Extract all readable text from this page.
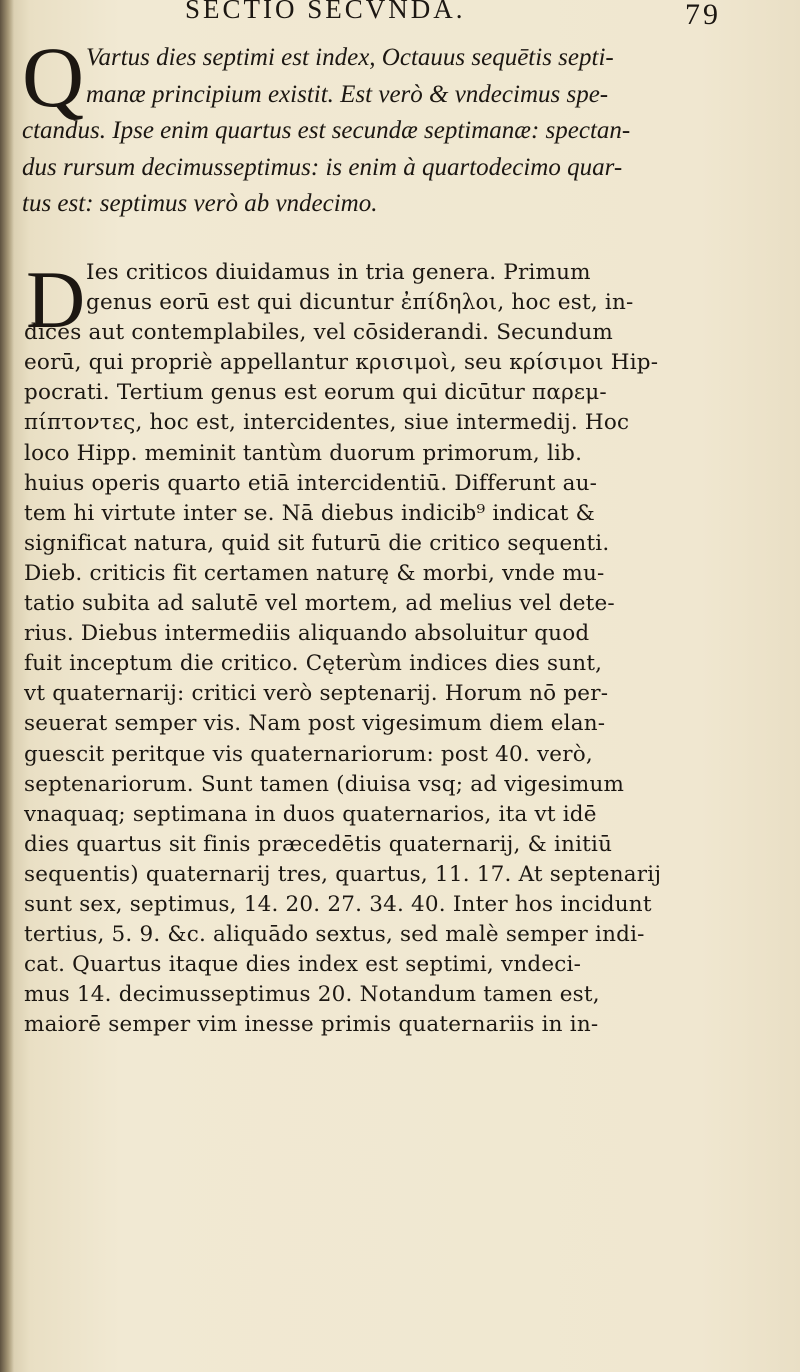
SECTIO SECVNDA.	79
Q Vartus dies septimi est index, Octauus sequētis septi-
manæ principium existit. Est verò & vndecimus spe-
ctandus. Ipse enim quartus est secundæ septimanæ: spectan-
dus rursum decimusseptimus: is enim à quartodecimo quar-
tus est: septimus verò ab vndecimo.
D Ies criticos diuidamus in tria genera. Primum
genus eorū est qui dicuntur ἐπίδηλοι, hoc est, in-
dices aut contemplabiles, vel cōsiderandi. Secundum
eorū, qui propriè appellantur κρισιμοὶ, seu κρίσιμοι Hip-
pocrati. Tertium genus est eorum qui dicūtur παρεμ-
πίπτοντες, hoc est, intercidentes, siue intermedij. Hoc
loco Hipp. meminit tantùm duorum primorum, lib.
huius operis quarto etiā intercidentiū. Differunt au-
tem hi virtute inter se. Nā diebus indicib⁹ indicat &
significat natura, quid sit futurū die critico sequenti.
Dieb. criticis fit certamen naturę & morbi, vnde mu-
tatio subita ad salutē vel mortem, ad melius vel dete-
rius. Diebus intermediis aliquando absoluitur quod
fuit inceptum die critico. Cęterùm indices dies sunt,
vt quaternarij: critici verò septenarij. Horum nō per-
seuerat semper vis. Nam post vigesimum diem elan-
guescit peritque vis quaternariorum: post 40. verò,
septenariorum. Sunt tamen (diuisa vsq; ad vigesimum
vnaquaq; septimana in duos quaternarios, ita vt idē
dies quartus sit finis præcedētis quaternarij, & initiū
sequentis) quaternarij tres, quartus, 11. 17. At septenarij
sunt sex, septimus, 14. 20. 27. 34. 40. Inter hos incidunt
tertius, 5. 9. &c. aliquādo sextus, sed malè semper indi-
cat. Quartus itaque dies index est septimi, vndeci-
mus 14. decimusseptimus 20. Notandum tamen est,
maiorē semper vim inesse primis quaternariis in in-
